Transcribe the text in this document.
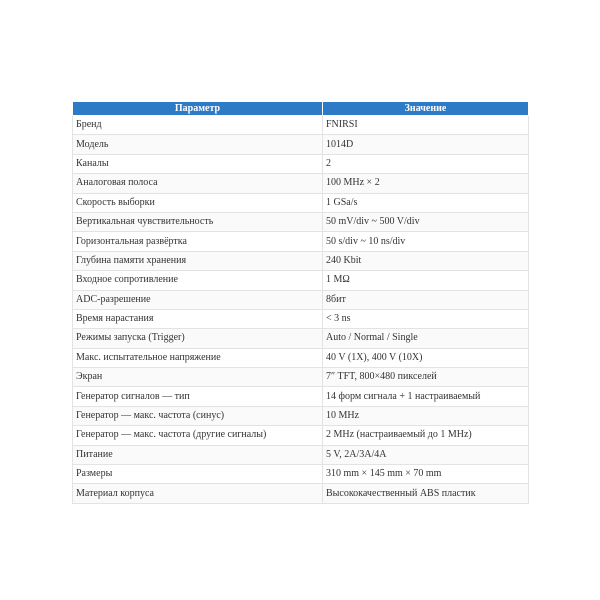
Параметр	Значение
Бренд	FNIRSI
Модель	1014D
Каналы	2
Аналоговая полоса	100 MHz × 2
Скорость выборки	1 GSa/s
Вертикальная чувствительность	50 mV/div ~ 500 V/div
Горизонтальная развёртка	50 s/div ~ 10 ns/div
Глубина памяти хранения	240 Kbit
Входное сопротивление	1 MΩ
ADC-разрешение	8бит
Время нарастания	< 3 ns
Режимы запуска (Trigger)	Auto / Normal / Single
Макс. испытательное напряжение	40 V (1X), 400 V (10X)
Экран	7″ TFT, 800×480 пикселей
Генератор сигналов — тип	14 форм сигнала + 1 настраиваемый
Генератор — макс. частота (синус)	10 MHz
Генератор — макс. частота (другие сигналы)	2 MHz (настраиваемый до 1 MHz)
Питание	5 V, 2A/3A/4A
Размеры	310 mm × 145 mm × 70 mm
Материал корпуса	Высококачественный ABS пластик
